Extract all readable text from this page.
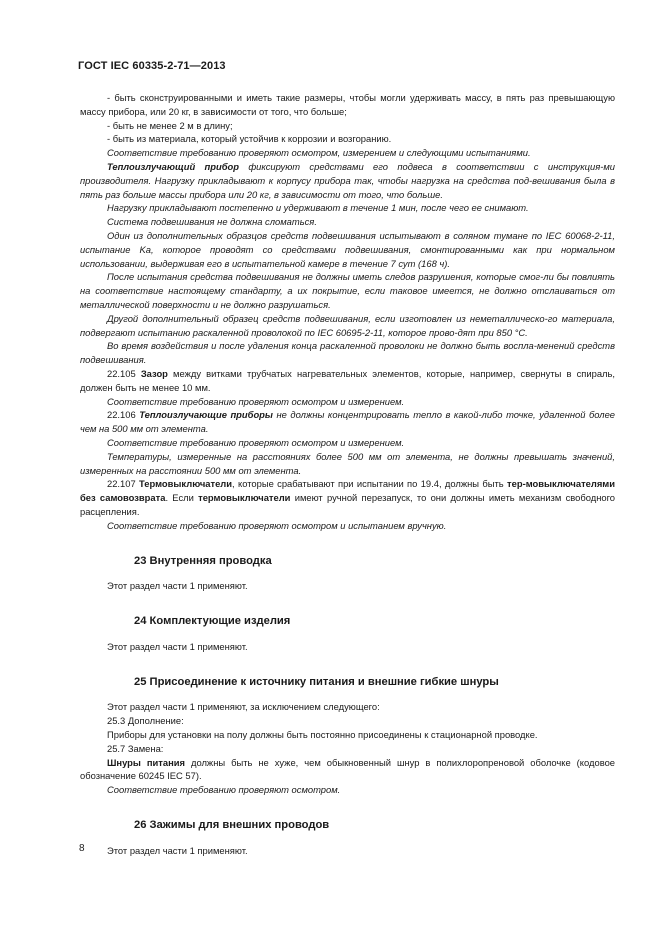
ГОСТ IEC 60335-2-71—2013

- быть сконструированными и иметь такие размеры, чтобы могли удерживать массу, в пять раз превышающую массу прибора, или 20 кг, в зависимости от того, что больше;

- быть не менее 2 м в длину;

- быть из материала, который устойчив к коррозии и возгоранию.

Соответствие требованию проверяют осмотром, измерением и следующими испытаниями.

Теплоизлучающий прибор фиксируют средствами его подвеса в соответствии с инструкция-ми производителя. Нагрузку прикладывают к корпусу прибора так, чтобы нагрузка на средства под-вешивания была в пять раз больше массы прибора или 20 кг, в зависимости от того, что больше.

Нагрузку прикладывают постепенно и удерживают в течение 1 мин, после чего ее снимают.

Система подвешивания не должна сломаться.

Один из дополнительных образцов средств подвешивания испытывают в соляном тумане по IEC 60068-2-11, испытание Ka, которое проводят со средствами подвешивания, смонтированными как при нормальном использовании, выдерживая его в испытательной камере в течение 7 сут (168 ч).

После испытания средства подвешивания не должны иметь следов разрушения, которые смог-ли бы повлиять на соответствие настоящему стандарту, а их покрытие, если таковое имеется, не должно отслаиваться от металлической поверхности и не должно разрушаться.

Другой дополнительный образец средств подвешивания, если изготовлен из неметаллическо-го материала, подвергают испытанию раскаленной проволокой по IEC 60695-2-11, которое прово-дят при 850 °С.

Во время воздействия и после удаления конца раскаленной проволоки не должно быть воспла-менений средств подвешивания.

22.105 Зазор между витками трубчатых нагревательных элементов, которые, например, свернуты в спираль, должен быть не менее 10 мм.

Соответствие требованию проверяют осмотром и измерением.

22.106 Теплоизлучающие приборы не должны концентрировать тепло в какой-либо точке, удаленной более чем на 500 мм от элемента.

Соответствие требованию проверяют осмотром и измерением.

Температуры, измеренные на расстояниях более 500 мм от элемента, не должны превышать значений, измеренных на расстоянии 500 мм от элемента.

22.107 Термовыключатели, которые срабатывают при испытании по 19.4, должны быть тер-мовыключателями без самовозврата. Если термовыключатели имеют ручной перезапуск, то они должны иметь механизм свободного расцепления.

Соответствие требованию проверяют осмотром и испытанием вручную.

23 Внутренняя проводка

Этот раздел части 1 применяют.

24 Комплектующие изделия

Этот раздел части 1 применяют.

25 Присоединение к источнику питания и внешние гибкие шнуры

Этот раздел части 1 применяют, за исключением следующего:

25.3 Дополнение:

Приборы для установки на полу должны быть постоянно присоединены к стационарной проводке.

25.7 Замена:

Шнуры питания должны быть не хуже, чем обыкновенный шнур в полихлоропреновой оболочке (кодовое обозначение 60245 IEC 57).

Соответствие требованию проверяют осмотром.

26 Зажимы для внешних проводов

Этот раздел части 1 применяют.

8
